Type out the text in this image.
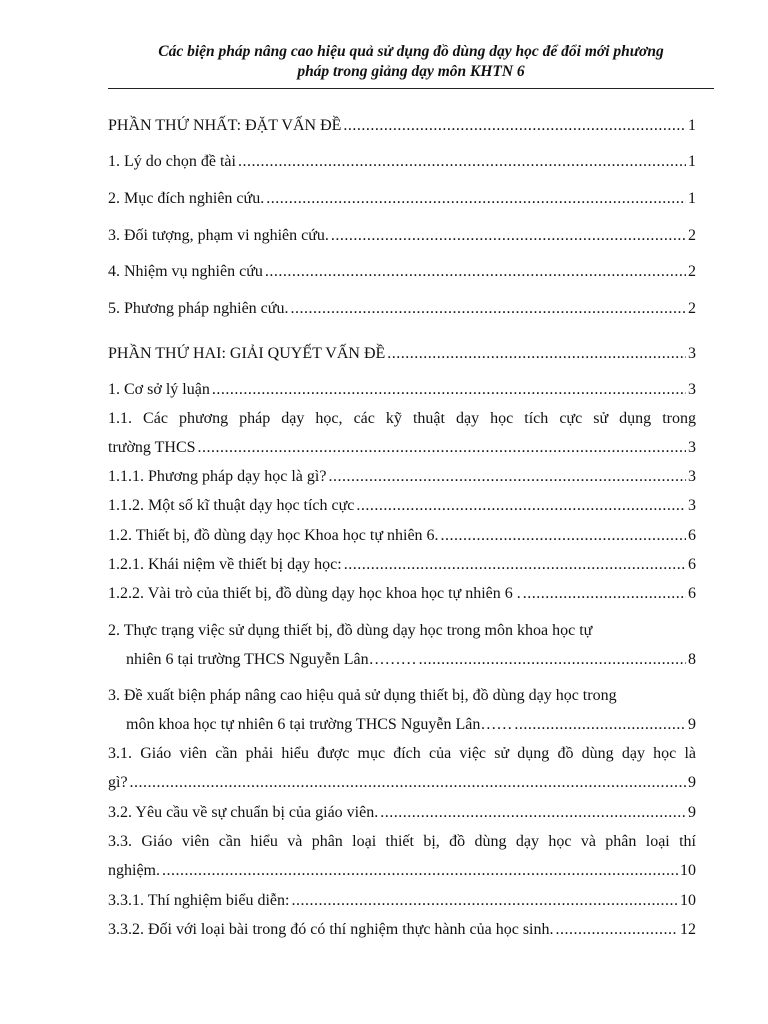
Các biện pháp nâng cao hiệu quả sử dụng đồ dùng dạy học để đổi mới phương
pháp trong giảng dạy môn KHTN 6
PHẦN THỨ NHẤT: ĐẶT VẤN ĐỀ .....	1
1. Lý do chọn đề tài .....	1
2. Mục đích nghiên cứu. .....	1
3. Đối tượng, phạm vi nghiên cứu. .....	2
4. Nhiệm vụ nghiên cứu .....	2
5. Phương pháp nghiên cứu. .....	2
PHẦN THỨ HAI: GIẢI QUYẾT VẤN ĐỀ .....	3
1. Cơ sở lý luận .....	3
1.1. Các phương pháp dạy học, các kỹ thuật dạy học tích cực sử dụng trong
trường THCS .....	3
1.1.1. Phương pháp dạy học là gì? .....	3
1.1.2. Một số kĩ thuật dạy học tích cực .....	3
1.2. Thiết bị, đồ dùng dạy học Khoa học tự nhiên 6. .....	6
1.2.1. Khái niệm về thiết bị dạy học: .....	6
1.2.2. Vài trò của thiết bị, đồ dùng dạy học khoa học tự nhiên 6 . .....	6
2. Thực trạng việc sử dụng thiết bị, đồ dùng dạy học trong môn khoa học tự
nhiên 6 tại trường THCS Nguyễn Lân……… .....	8
3. Đề xuất biện pháp nâng cao hiệu quả sử dụng thiết bị, đồ dùng dạy học trong
môn khoa học tự nhiên 6 tại trường THCS Nguyễn Lân…… .....	9
3.1. Giáo viên cần phải hiểu được mục đích của việc sử dụng đồ dùng dạy học là
gì? .....	9
3.2. Yêu cầu về sự chuẩn bị của giáo viên. .....	9
3.3. Giáo viên cần hiểu và phân loại thiết bị, đồ dùng dạy học và phân loại thí
nghiệm. .....	10
3.3.1. Thí nghiệm biểu diễn: .....	10
3.3.2. Đối với loại bài trong đó có thí nghiệm thực hành của học sinh. .....	12
